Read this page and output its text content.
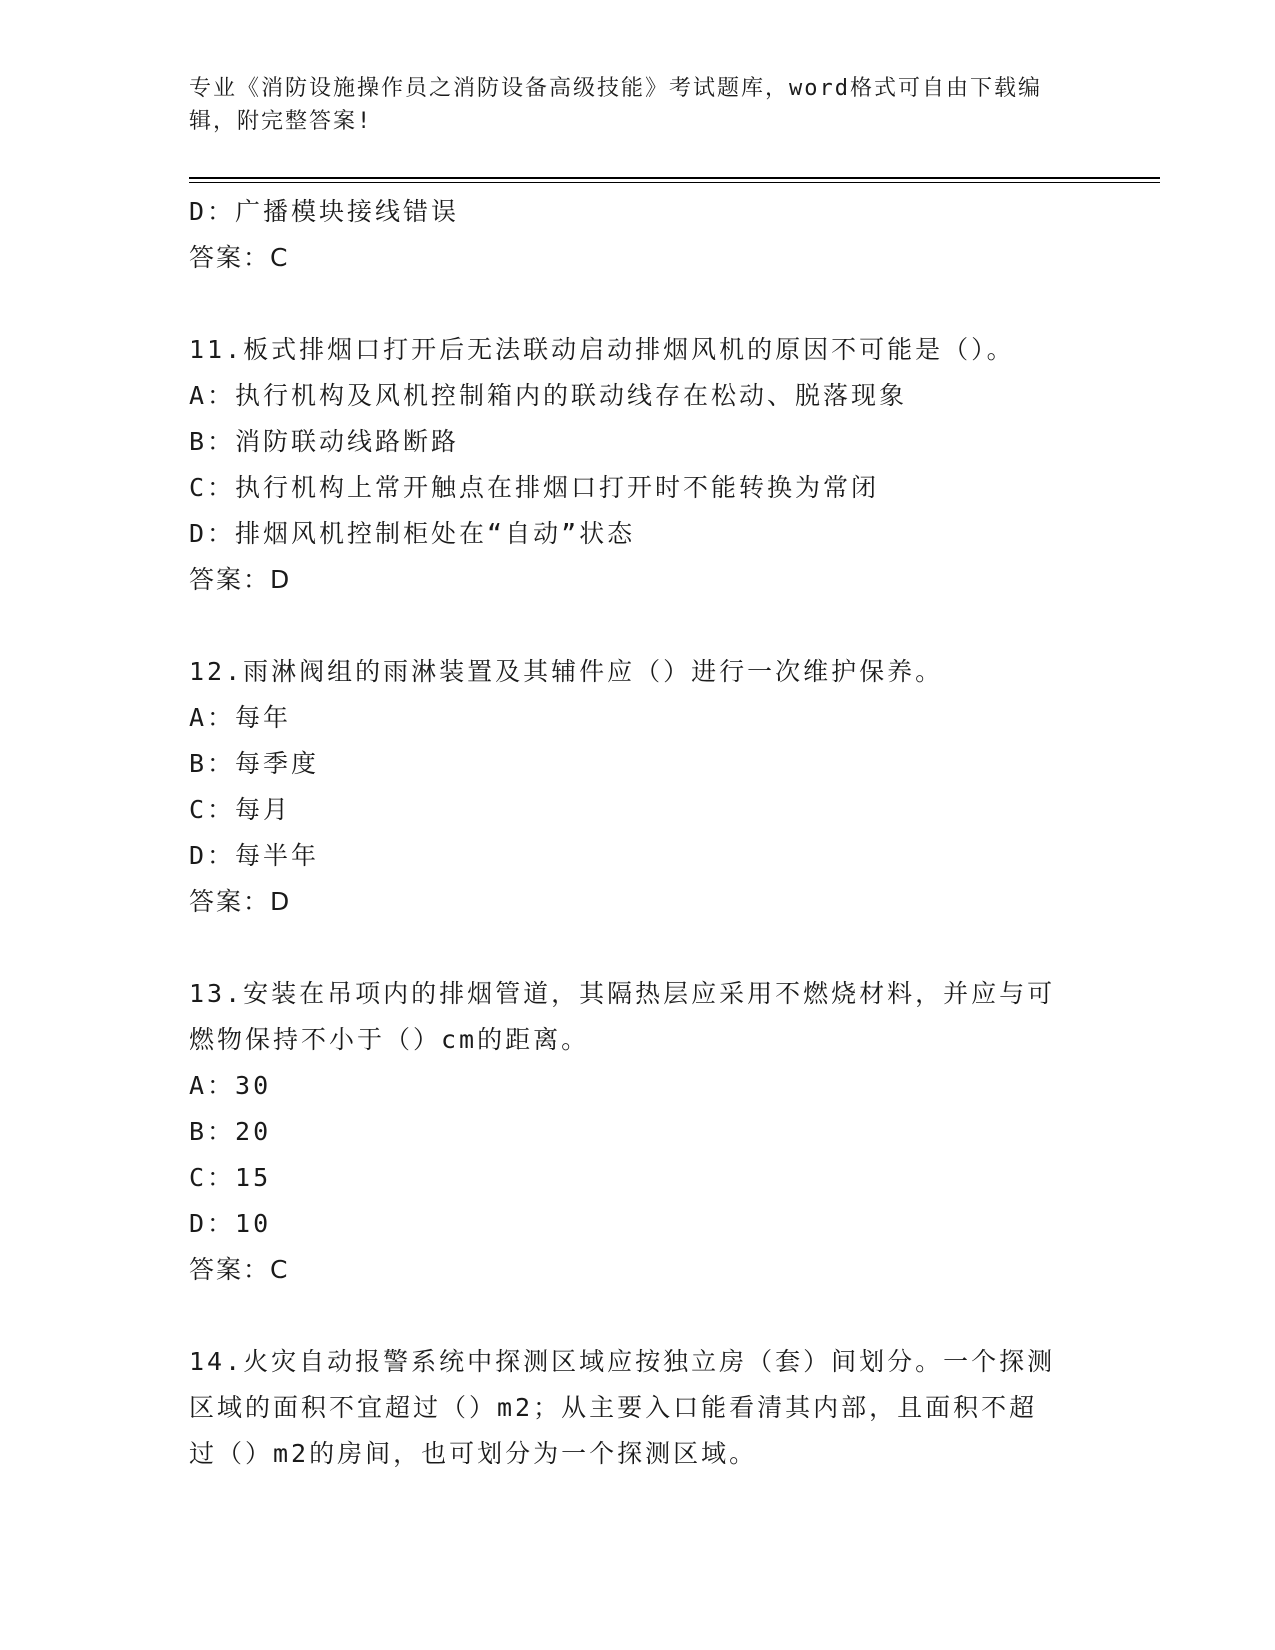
专业《消防设施操作员之消防设备高级技能》考试题库，word格式可自由下载编
辑，附完整答案!
D：广播模块接线错误
答案：C
11.板式排烟口打开后无法联动启动排烟风机的原因不可能是（）。
A：执行机构及风机控制箱内的联动线存在松动、脱落现象
B：消防联动线路断路
C：执行机构上常开触点在排烟口打开时不能转换为常闭
D：排烟风机控制柜处在“自动”状态
答案：D
12.雨淋阀组的雨淋装置及其辅件应（）进行一次维护保养。
A：每年
B：每季度
C：每月
D：每半年
答案：D
13.安装在吊项内的排烟管道，其隔热层应采用不燃烧材料，并应与可
燃物保持不小于（）cm的距离。
A：30
B：20
C：15
D：10
答案：C
14.火灾自动报警系统中探测区域应按独立房（套）间划分。一个探测
区域的面积不宜超过（）m2；从主要入口能看清其内部，且面积不超
过（）m2的房间，也可划分为一个探测区域。
